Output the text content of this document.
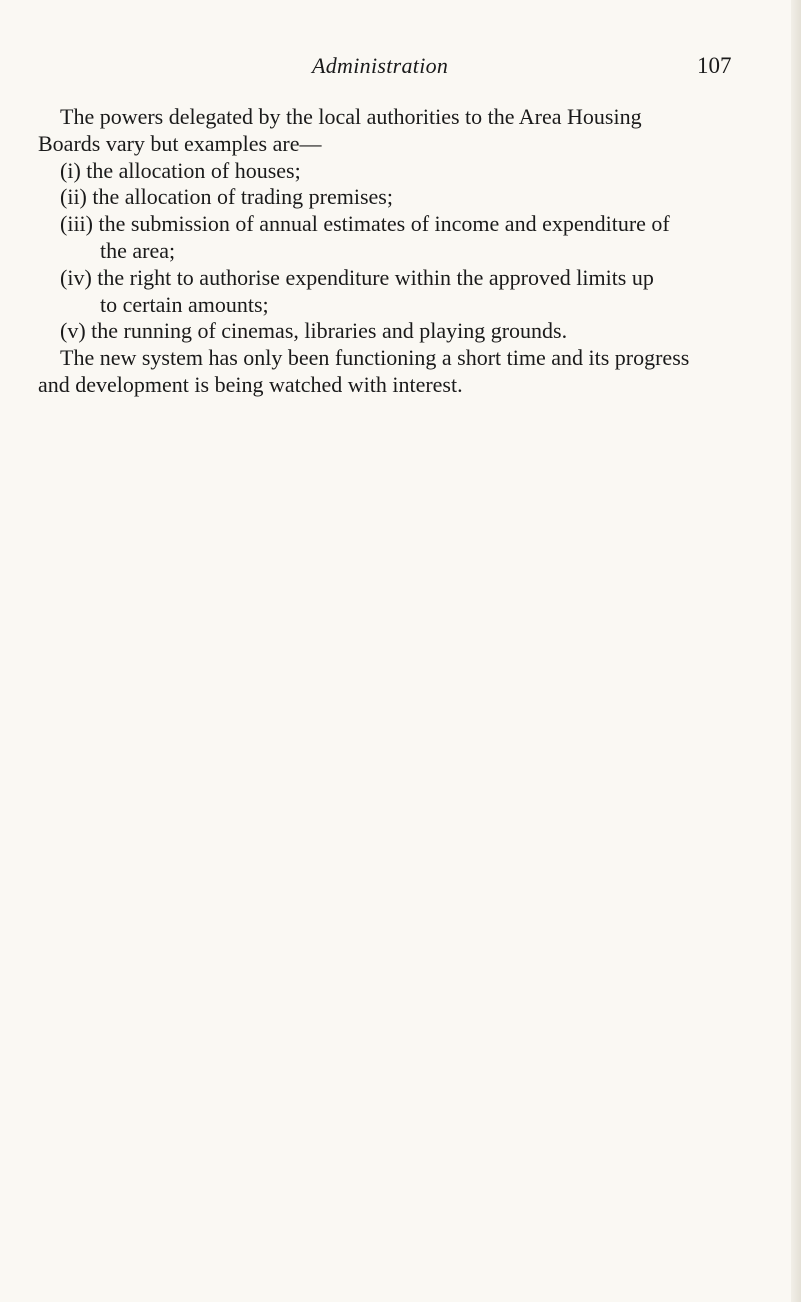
Administration	107

The powers delegated by the local authorities to the Area Housing

Boards vary but examples are—

(i) the allocation of houses;

(ii) the allocation of trading premises;

(iii) the submission of annual estimates of income and expenditure of

the area;

(iv) the right to authorise expenditure within the approved limits up

to certain amounts;

(v) the running of cinemas, libraries and playing grounds.

The new system has only been functioning a short time and its progress

and development is being watched with interest.
